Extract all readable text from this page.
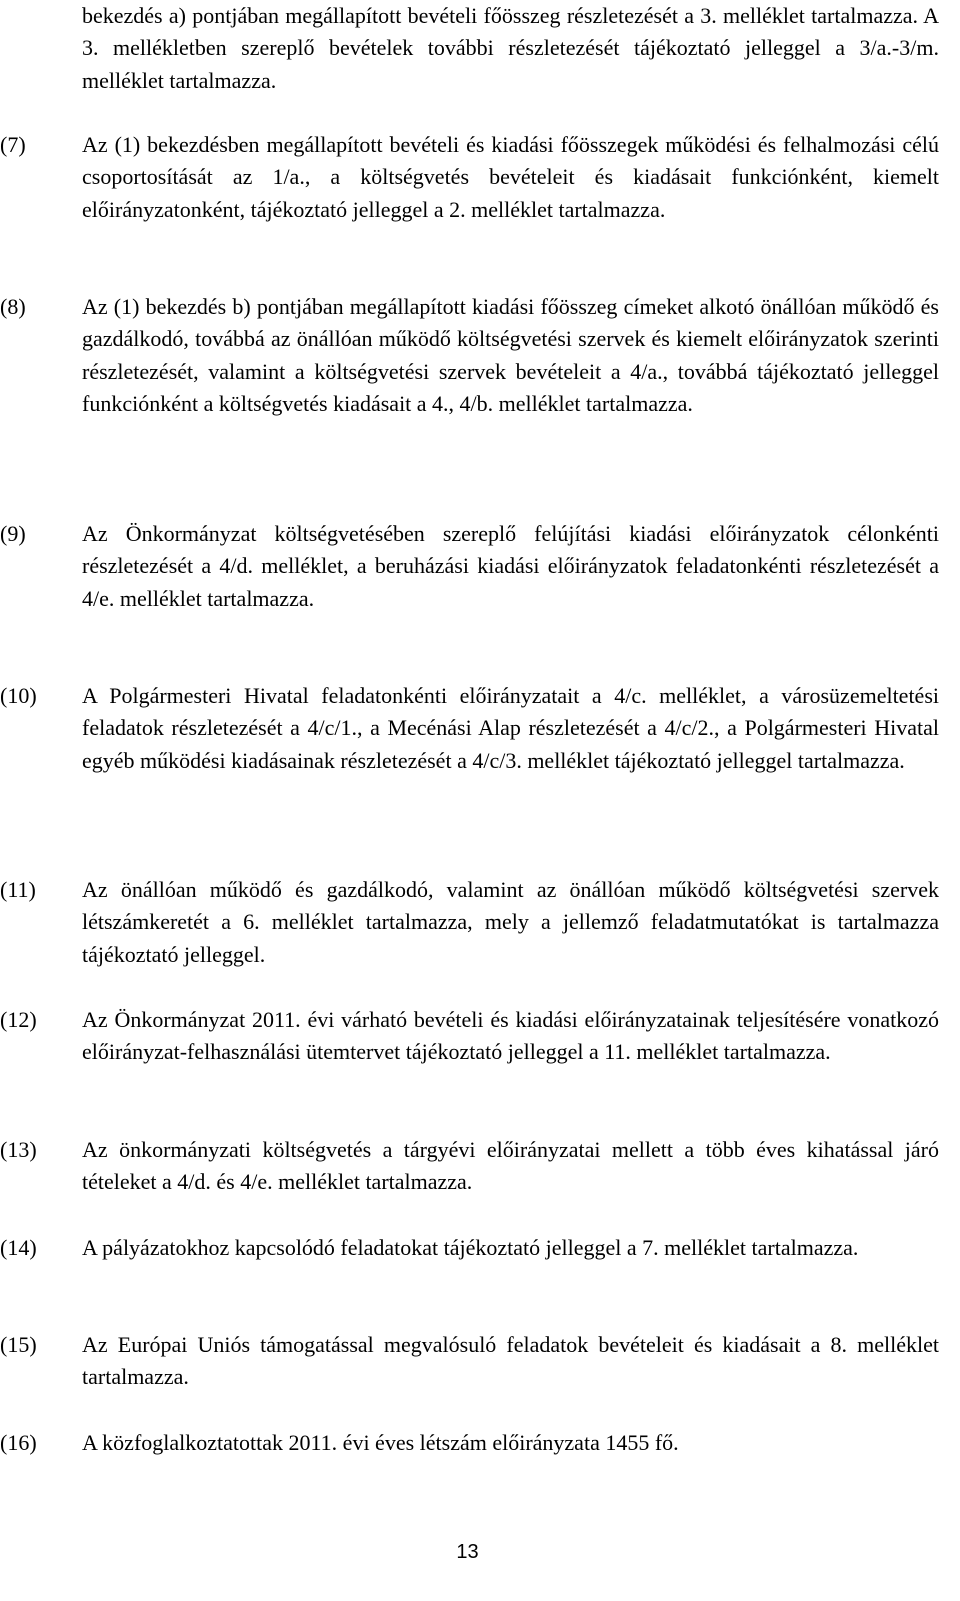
bekezdés a) pontjában megállapított bevételi főösszeg részletezését a 3. melléklet tartalmazza. A 3. mellékletben szereplő bevételek további részletezését tájékoztató jelleggel a 3/a.-3/m. melléklet tartalmazza.
(7)	Az (1) bekezdésben megállapított bevételi és kiadási főösszegek működési és felhalmozási célú csoportosítását az 1/a., a költségvetés bevételeit és kiadásait funkciónként, kiemelt előirányzatonként, tájékoztató jelleggel a 2. melléklet tartalmazza.
(8)	Az (1) bekezdés b) pontjában megállapított kiadási főösszeg címeket alkotó önállóan működő és gazdálkodó, továbbá az önállóan működő költségvetési szervek és kiemelt előirányzatok szerinti részletezését, valamint a költségvetési szervek bevételeit a 4/a., továbbá tájékoztató jelleggel funkciónként a költségvetés kiadásait a 4., 4/b. melléklet tartalmazza.
(9)	Az Önkormányzat költségvetésében szereplő felújítási kiadási előirányzatok célonkénti részletezését a 4/d. melléklet, a beruházási kiadási előirányzatok feladatonkénti részletezését a 4/e. melléklet tartalmazza.
(10) A Polgármesteri Hivatal feladatonkénti előirányzatait a 4/c. melléklet, a városüzemeltetési feladatok részletezését a 4/c/1., a Mecénási Alap részletezését a 4/c/2., a Polgármesteri Hivatal egyéb működési kiadásainak részletezését a 4/c/3. melléklet tájékoztató jelleggel tartalmazza.
(11) Az önállóan működő és gazdálkodó, valamint az önállóan működő költségvetési szervek létszámkeretét a 6. melléklet tartalmazza, mely a jellemző feladatmutatókat is tartalmazza tájékoztató jelleggel.
(12) Az Önkormányzat 2011. évi várható bevételi és kiadási előirányzatainak teljesítésére vonatkozó előirányzat-felhasználási ütemtervet tájékoztató jelleggel a 11. melléklet tartalmazza.
(13) Az önkormányzati költségvetés a tárgyévi előirányzatai mellett a több éves kihatással járó tételeket a 4/d. és 4/e. melléklet tartalmazza.
(14) A pályázatokhoz kapcsolódó feladatokat tájékoztató jelleggel a 7. melléklet tartalmazza.
(15) Az Európai Uniós támogatással megvalósuló feladatok bevételeit és kiadásait a 8. melléklet tartalmazza.
(16) A közfoglalkoztatottak 2011. évi éves létszám előirányzata 1455 fő.
13
